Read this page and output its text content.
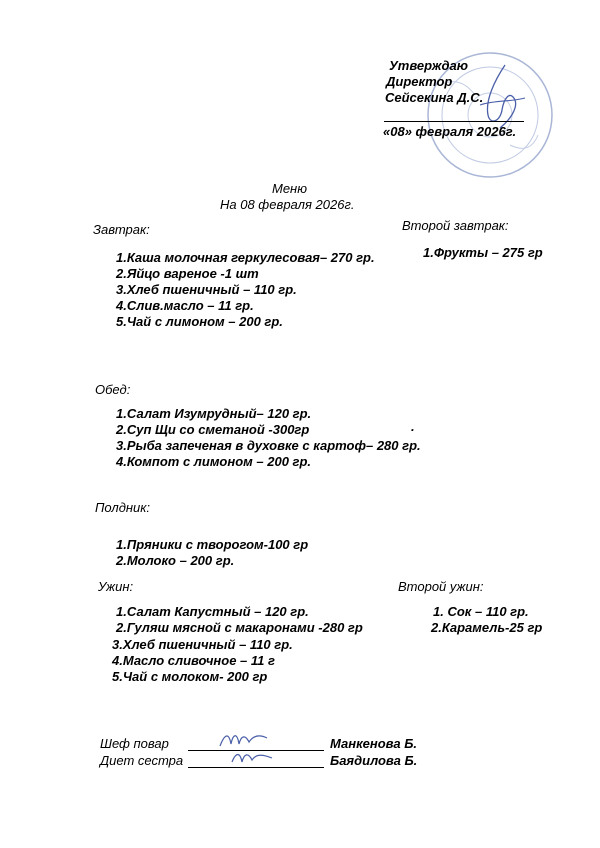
Утверждаю
Директор
Сейсекина Д.С.
«08» февраля 2026г.
Меню
На 08 февраля 2026г.
Завтрак:
1.Каша молочная геркулесовая– 270 гр.
2.Яйцо вареное -1 шт
3.Хлеб пшеничный – 110 гр.
4.Слив.масло – 11 гр.
5.Чай с лимоном – 200 гр.
Второй завтрак:
1.Фрукты – 275 гр
Обед:
1.Салат Изумрудный– 120 гр.
2.Суп Щи со сметаной -300гр	.
3.Рыба запеченая в духовке с картоф– 280 гр.
4.Компот с лимоном – 200 гр.
Полдник:
1.Пряники с творогом-100 гр
2.Молоко – 200 гр.
Ужин:
1.Салат Капустный – 120 гр.
2.Гуляш мясной с макаронами -280 гр
3.Хлеб пшеничный – 110 гр.
4.Масло сливочное – 11 г
5.Чай с молоком- 200 гр
Второй ужин:
1. Сок – 110 гр.
2.Карамель-25 гр
Шеф повар	Манкенова Б.
Диет сестра	Баядилова Б.
